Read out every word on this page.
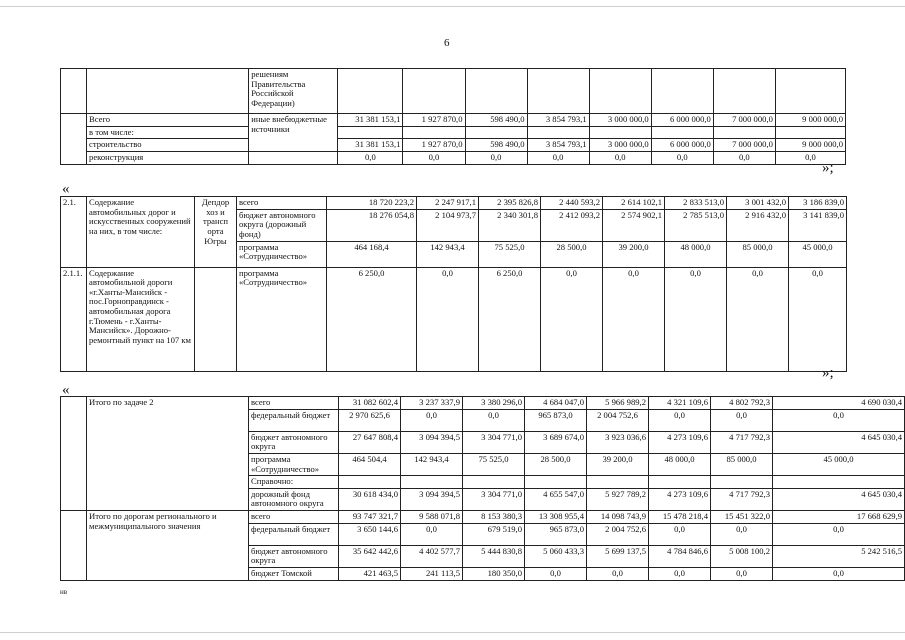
6
		решениям Правительства Российской Федерации)								
	Всего	иные внебюджетные источники	31 381 153,1	1 927 870,0	598 490,0	3 854 793,1	3 000 000,0	6 000 000,0	7 000 000,0	9 000 000,0
	в том числе:									
	строительство		31 381 153,1	1 927 870,0	598 490,0	3 854 793,1	3 000 000,0	6 000 000,0	7 000 000,0	9 000 000,0
	реконструкция		0,0	0,0	0,0	0,0	0,0	0,0	0,0	0,0
»;
«
2.1.	Содержание автомобильных дорог и искусственных сооружений на них, в том числе:	Депдор хоз и трансп орта Югры	всего	18 720 223,2	2 247 917,1	2 395 826,8	2 440 593,2	2 614 102,1	2 833 513,0	3 001 432,0	3 186 839,0
			бюджет автономного округа (дорожный фонд)	18 276 054,8	2 104 973,7	2 340 301,8	2 412 093,2	2 574 902,1	2 785 513,0	2 916 432,0	3 141 839,0
			программа «Сотрудничество»	464 168,4	142 943,4	75 525,0	28 500,0	39 200,0	48 000,0	85 000,0	45 000,0
2.1.1.	Содержание автомобильной дороги «г.Ханты-Мансийск - пос.Горноправдинск - автомобильная дорога г.Тюмень - г.Ханты-Мансийск». Дорожно-ремонтный пункт на 107 км		программа «Сотрудничество»	6 250,0	0,0	6 250,0	0,0	0,0	0,0	0,0	0,0
»;
«
	Итого по задаче 2	всего	31 082 602,4	3 237 337,9	3 380 296,0	4 684 047,0	5 966 989,2	4 321 109,6	4 802 792,3	4 690 030,4
		федеральный бюджет	2 970 625,6	0,0	0,0	965 873,0	2 004 752,6	0,0	0,0	0,0
		бюджет автономного округа	27 647 808,4	3 094 394,5	3 304 771,0	3 689 674,0	3 923 036,6	4 273 109,6	4 717 792,3	4 645 030,4
		программа «Сотрудничество»	464 504,4	142 943,4	75 525,0	28 500,0	39 200,0	48 000,0	85 000,0	45 000,0
		Справочно:								
		дорожный фонд автономного округа	30 618 434,0	3 094 394,5	3 304 771,0	4 655 547,0	5 927 789,2	4 273 109,6	4 717 792,3	4 645 030,4
	Итого по дорогам регионального и межмуниципального значения	всего	93 747 321,7	9 588 071,8	8 153 380,3	13 308 955,4	14 098 743,9	15 478 218,4	15 451 322,0	17 668 629,9
		федеральный бюджет	3 650 144,6	0,0	679 519,0	965 873,0	2 004 752,6	0,0	0,0	0,0
		бюджет автономного округа	35 642 442,6	4 402 577,7	5 444 830,8	5 060 433,3	5 699 137,5	4 784 846,6	5 008 100,2	5 242 516,5
		бюджет Томской	421 463,5	241 113,5	180 350,0	0,0	0,0	0,0	0,0	0,0
нв
